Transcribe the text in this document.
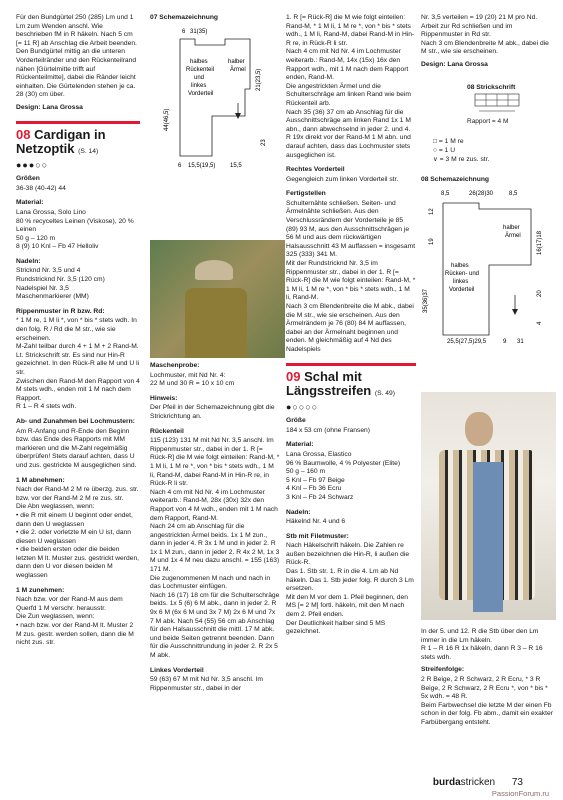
Für den Bundgürtel 250 (285) Lm und 1 Lm zum Wenden anschl. Wie beschrieben fM in R häkeln. Nach 5 cm [= 11 R] ab Anschlag die Arbeit beenden.
Den Bundgürtel mittig an die unteren Vorderteilränder und den Rückenteilrand nähen [Gürtelmitte trifft auf Rückenteilmitte], dabei die Ränder leicht einhalten. Die Gürtelenden stehen je ca. 28 (30) cm über.

Design: Lana Grossa

08 Cardigan in Netzoptik (S. 14)
●●●○○
Größen

36-38 (40-42) 44

Material:

Lana Grossa, Solo Lino
80 % recyceltes Leinen (Viskose), 20 % Leinen
50 g – 120 m
8 (9) 10 Knl – Fb 47 Helloliv

Nadeln:

Stricknd Nr. 3,5 und 4
Rundstricknd Nr. 3,5 (120 cm)
Nadelspiel Nr. 3,5
Maschenmarkierer (MM)

Rippenmuster in R bzw. Rd:

* 1 M re, 1 M li *, von * bis * stets wdh. In den folg. R / Rd die M str., wie sie erscheinen.
M-Zahl teilbar durch 4 + 1 M + 2 Rand-M.
Lt. Strickschrift str. Es sind nur Hin-R gezeichnet. In den Rück-R alle M und U li str.
Zwischen den Rand-M den Rapport von 4 M stets wdh., enden mit 1 M nach dem Rapport.
R 1 – R 4 stets wdh.

Ab- und Zunahmen bei Lochmustern:

Am R-Anfang und R-Ende den Beginn bzw. das Ende des Rapports mit MM markieren und die M-Zahl regelmäßig überprüfen! Stets darauf achten, dass U und zus. gestrickte M ausgeglichen sind.

1 M abnehmen:

Nach der Rand-M 2 M re überzg. zus. str. bzw. vor der Rand-M 2 M re zus. str.
Die Abn weglassen, wenn:
• die R mit einem U beginnt oder endet, dann den U weglassen
• die 2. oder vorletzte M ein U ist, dann diesen U weglassen
• die beiden ersten oder die beiden letzten M lt. Muster zus. gestrickt werden, dann den U vor diesen beiden M weglassen

1 M zunehmen:

Nach bzw. vor der Rand-M aus dem Querfd 1 M verschr. herausstr.
Die Zun weglassen, wenn:
• nach bzw. vor der Rand-M lt. Muster 2 M zus. gestr. werden sollen, dann die M nicht zus. str.

07 Schemazeichnung
halbes
Rückenteil
und
linkes
Vorderteil
halber
Ärmel
31(35)
6
44(46,5)
21(23,5)
23
6 15,5(19,5) 15,5
Maschenprobe:

Lochmuster, mit Nd Nr. 4:
22 M und 30 R = 10 x 10 cm

Hinweis:

Der Pfeil in der Schemazeichnung gibt die Strickrichtung an.

Rückenteil

115 (123) 131 M mit Nd Nr. 3,5 anschl. Im Rippenmuster str., dabei in der 1. R [= Rück-R] die M wie folgt einteilen: Rand-M, * 1 M li, 1 M re *, von * bis * stets wdh., 1 M li, Rand-M, dabei Rand-M in Hin-R re, in Rück-R li str.
Nach 4 cm mit Nd Nr. 4 im Lochmuster weiterarb.: Rand-M, 28x (30x) 32x den Rapport von 4 M wdh., enden mit 1 M nach dem Rapport, Rand-M.
Nach 24 cm ab Anschlag für die angestrickten Ärmel beids. 1x 1 M zun., dann in jeder 4. R 3x 1 M und in jeder 2. R 1x 1 M zun., dann in jeder 2. R 4x 2 M, 1x 3 M und 1x 4 M neu dazu anschl. = 155 (163) 171 M.
Die zugenommenen M nach und nach in das Lochmuster einfügen.
Nach 16 (17) 18 cm für die Schulterschräge beids. 1x 5 (6) 6 M abk., dann in jeder 2. R 9x 6 M (6x 6 M und 3x 7 M) 2x 6 M und 7x 7 M abk. Nach 54 (55) 56 cm ab Anschlag für den Halsausschnitt die mittl. 17 M abk. und beide Seiten getrennt beenden. Dann für die Ausschnittrundung in jeder 2. R 2x 5 M abk.

Linkes Vorderteil

59 (63) 67 M mit Nd Nr. 3,5 anschl. Im Rippenmuster str., dabei in der

1. R [= Rück-R] die M wie folgt einteilen: Rand-M, * 1 M li, 1 M re *, von * bis * stets wdh., 1 M li, Rand-M, dabei Rand-M in Hin-R re, in Rück-R li str.
Nach 4 cm mit Nd Nr. 4 im Lochmuster weiterarb.: Rand-M, 14x (15x) 16x den Rapport wdh., mit 1 M nach dem Rapport enden, Rand-M.
Die angestrickten Ärmel und die Schulterschräge am linken Rand wie beim Rückenteil arb.
Nach 35 (36) 37 cm ab Anschlag für die Ausschnittschräge am linken Rand 1x 1 M abn., dann abwechselnd in jeder 2. und 4. R 19x direkt vor der Rand-M 1 M abn. und darauf achten, dass das Lochmuster stets ausgeglichen ist.

Rechtes Vorderteil

Gegengleich zum linken Vorderteil str.

Fertigstellen

Schulternähte schließen. Seiten- und Ärmelnähte schließen. Aus den Verschlussrändern der Vorderteile je 85 (89) 93 M, aus den Ausschnittschrägen je 56 M und aus dem rückwärtigen Halsausschnitt 43 M auffassen = insgesamt 325 (333) 341 M.
Mit der Rundstricknd Nr. 3,5 im Rippenmuster str., dabei in der 1. R [= Rück-R] die M wie folgt einteilen: Rand-M, * 1 M li, 1 M re *, von * bis * stets wdh., 1 M li, Rand-M.
Nach 3 cm Blendenbreite die M abk., dabei die M str., wie sie erscheinen. Aus den Ärmelrändern je 76 (80) 84 M auffassen, dabei an der Ärmelnaht beginnen und enden. M gleichmäßig auf 4 Nd des Nadelspiels

09 Schal mit Längsstreifen (S. 49)
●○○○○
Größe

184 x 53 cm (ohne Fransen)

Material:

Lana Grossa, Elastico
96 % Baumwolle, 4 % Polyester (Elite)
50 g – 160 m
5 Knl – Fb 97 Beige
4 Knl – Fb 36 Ecru
3 Knl – Fb 24 Schwarz

Nadeln:

Häkelnd Nr. 4 und 6

Stb mit Filetmuster:

Nach Häkelschrift häkeln. Die Zahlen re außen bezeichnen die Hin-R, li außen die Rück-R.
Das 1. Stb str. 1. R in die 4. Lm ab Nd häkeln. Das 1. Stb jeder folg. R durch 3 Lm ersetzen.
Mit den M vor dem 1. Pfeil beginnen, den MS [= 2 M] fortl. häkeln, mit den M nach dem 2. Pfeil enden.
Der Deutlichkeit halber sind 5 MS gezeichnet.

Nr. 3,5 verteilen = 19 (20) 21 M pro Nd. Arbeit zur Rd schließen und im Rippenmuster in Rd str.
Nach 3 cm Blendenbreite M abk., dabei die M str., wie sie erscheinen.

Design: Lana Grossa

08 Strickschrift
Rapport = 4 M
□ = 1 M re
○ = 1 U
∨ = 3 M re zus. str.
08 Schemazeichnung
8,5	26(28)30	8,5
halber
Ärmel
halbes
Rücken- und
linkes
Vorderteil
12
19
35(36)37
16(17)18
20
4
25,5(27,5)29,5	9 31

In der 5. und 12. R die Stb über den Lm immer in die Lm häkeln.
R 1 – R 16 R 1x häkeln, dann R 3 – R 16 stets wdh.

Streifenfolge:

2 R Beige, 2 R Schwarz, 2 R Ecru, * 3 R Beige, 2 R Schwarz, 2 R Ecru *, von * bis * 5x wdh. = 48 R.
Beim Farbwechsel die letzte M der einen Fb schon in der folg. Fb abm., damit ein exakter Farbübergang entsteht.

burdastricken 73
PassionForum.ru
